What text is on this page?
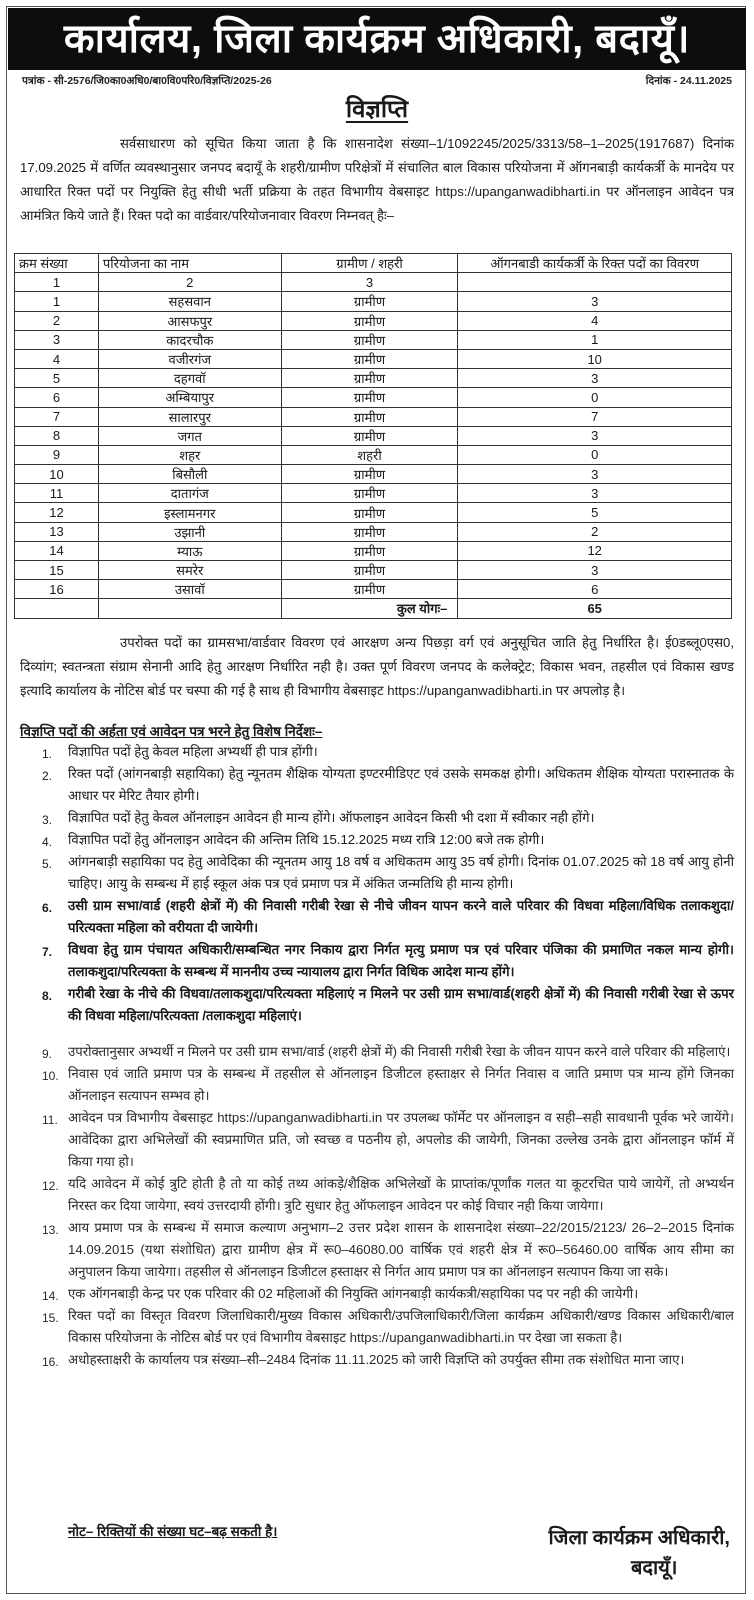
कार्यालय, जिला कार्यक्रम अधिकारी, बदायूँ।
पत्रांक - सी-2576/जि0का0अधि0/बा0वि0परि0/विज्ञप्ति/2025-26	दिनांक - 24.11.2025
विज्ञप्ति
सर्वसाधारण को सूचित किया जाता है कि शासनादेश संख्या–1/1092245/2025/3313/58–1–2025(1917687) दिनांक 17.09.2025 में वर्णित व्यवस्थानुसार जनपद बदायूँ के शहरी/ग्रामीण परिक्षेत्रों में संचालित बाल विकास परियोजना में ऑगनबाड़ी कार्यकर्त्री के मानदेय पर आधारित रिक्त पदों पर नियुक्ति हेतु सीधी भर्ती प्रक्रिया के तहत विभागीय वेबसाइट https://upanganwadibharti.in पर ऑनलाइन आवेदन पत्र आमंत्रित किये जाते हैं। रिक्त पदो का वार्डवार/परियोजनावार विवरण निम्नवत् हैः–
क्रम संख्या	परियोजना का नाम	ग्रामीण / शहरी	ऑगनबाडी कार्यकर्त्री के रिक्त पदों का विवरण
1	2	3	
1	सहसवान	ग्रामीण	3
2	आसफपुर	ग्रामीण	4
3	कादरचौक	ग्रामीण	1
4	वजीरगंज	ग्रामीण	10
5	दहगवॉ	ग्रामीण	3
6	अम्बियापुर	ग्रामीण	0
7	सालारपुर	ग्रामीण	7
8	जगत	ग्रामीण	3
9	शहर	शहरी	0
10	बिसौली	ग्रामीण	3
11	दातागंज	ग्रामीण	3
12	इस्लामनगर	ग्रामीण	5
13	उझानी	ग्रामीण	2
14	म्याऊ	ग्रामीण	12
15	समरेर	ग्रामीण	3
16	उसावॉ	ग्रामीण	6
		कुल योगः–	65
उपरोक्त पदों का ग्रामसभा/वार्डवार विवरण एवं आरक्षण अन्य पिछड़ा वर्ग एवं अनुसूचित जाति हेतु निर्धारित है। ई0डब्लू0एस0, दिव्यांग; स्वतन्त्रता संग्राम सेनानी आदि हेतु आरक्षण निर्धारित नही है। उक्त पूर्ण विवरण जनपद के कलेक्ट्रेट; विकास भवन, तहसील एवं विकास खण्ड इत्यादि कार्यालय के नोटिस बोर्ड पर चस्पा की गई है साथ ही विभागीय वेबसाइट https://upanganwadibharti.in पर अपलोड़ है।
विज्ञप्ति पदों की अर्हता एवं आवेदन पत्र भरने हेतु विशेष निर्देशः–
1. विज्ञापित पदों हेतु केवल महिला अभ्यर्थी ही पात्र होंगी।
2. रिक्त पदों (आंगनबाड़ी सहायिका) हेतु न्यूनतम शैक्षिक योग्यता इण्टरमीडिएट एवं उसके समकक्ष होगी। अधिकतम शैक्षिक योग्यता परास्नातक के आधार पर मेरिट तैयार होगी।
3. विज्ञापित पदों हेतु केवल ऑनलाइन आवेदन ही मान्य होंगे। ऑफलाइन आवेदन किसी भी दशा में स्वीकार नही होंगे।
4. विज्ञापित पदों हेतु ऑनलाइन आवेदन की अन्तिम तिथि 15.12.2025 मध्य रात्रि 12:00 बजे तक होगी।
5. आंगनबाड़ी सहायिका पद हेतु आवेदिका की न्यूनतम आयु 18 वर्ष व अधिकतम आयु 35 वर्ष होगी। दिनांक 01.07.2025 को 18 वर्ष आयु होनी चाहिए। आयु के सम्बन्ध में हाई स्कूल अंक पत्र एवं प्रमाण पत्र में अंकित जन्मतिथि ही मान्य होगी।
6. उसी ग्राम सभा/वार्ड (शहरी क्षेत्रों में) की निवासी गरीबी रेखा से नीचे जीवन यापन करने वाले परिवार की विधवा महिला/विधिक तलाकशुदा/परित्यक्ता महिला को वरीयता दी जायेगी।
7. विधवा हेतु ग्राम पंचायत अधिकारी/सम्बन्धित नगर निकाय द्वारा निर्गत मृत्यु प्रमाण पत्र एवं परिवार पंजिका की प्रमाणित नकल मान्य होगी। तलाकशुदा/परित्यक्ता के सम्बन्ध में माननीय उच्च न्यायालय द्वारा निर्गत विधिक आदेश मान्य होंगे।
8. गरीबी रेखा के नीचे की विधवा/तलाकशुदा/परित्यक्ता महिलाएं न मिलने पर उसी ग्राम सभा/वार्ड(शहरी क्षेत्रों में) की निवासी गरीबी रेखा से ऊपर की विधवा महिला/परित्यक्ता /तलाकशुदा महिलाएं।
9. उपरोक्तानुसार अभ्यर्थी न मिलने पर उसी ग्राम सभा/वार्ड (शहरी क्षेत्रों में) की निवासी गरीबी रेखा के जीवन यापन करने वाले परिवार की महिलाएं।
10. निवास एवं जाति प्रमाण पत्र के सम्बन्ध में तहसील से ऑनलाइन डिजीटल हस्ताक्षर से निर्गत निवास व जाति प्रमाण पत्र मान्य होंगे जिनका ऑनलाइन सत्यापन सम्भव हो।
11. आवेदन पत्र विभागीय वेबसाइट https://upanganwadibharti.in पर उपलब्ध फॉर्मेट पर ऑनलाइन व सही–सही सावधानी पूर्वक भरे जायेंगे। आवेदिका द्वारा अभिलेखों की स्वप्रमाणित प्रति, जो स्वच्छ व पठनीय हो, अपलोड की जायेगी, जिनका उल्लेख उनके द्वारा ऑनलाइन फॉर्म में किया गया हो।
12. यदि आवेदन में कोई त्रुटि होती है तो या कोई तथ्य आंकड़े/शैक्षिक अभिलेखों के प्राप्तांक/पूर्णांक गलत या कूटरचित पाये जायेगें, तो अभ्यर्थन निरस्त कर दिया जायेगा, स्वयं उत्तरदायी होंगी। त्रुटि सुधार हेतु ऑफलाइन आवेदन पर कोई विचार नही किया जायेगा।
13. आय प्रमाण पत्र के सम्बन्ध में समाज कल्याण अनुभाग–2 उत्तर प्रदेश शासन के शासनादेश संख्या–22/2015/2123/ 26–2–2015 दिनांक 14.09.2015 (यथा संशोधित) द्वारा ग्रामीण क्षेत्र में रू0–46080.00 वार्षिक एवं शहरी क्षेत्र में रू0–56460.00 वार्षिक आय सीमा का अनुपालन किया जायेगा। तहसील से ऑनलाइन डिजीटल हस्ताक्षर से निर्गत आय प्रमाण पत्र का ऑनलाइन सत्यापन किया जा सके।
14. एक ऑगनबाड़ी केन्द्र पर एक परिवार की 02 महिलाओं की नियुक्ति आंगनबाड़ी कार्यकत्री/सहायिका पद पर नही की जायेगी।
15. रिक्त पदों का विस्तृत विवरण जिलाधिकारी/मुख्य विकास अधिकारी/उपजिलाधिकारी/जिला कार्यक्रम अधिकारी/खण्ड विकास अधिकारी/बाल विकास परियोजना के नोटिस बोर्ड पर एवं विभागीय वेबसाइट https://upanganwadibharti.in पर देखा जा सकता है।
16. अधोहस्ताक्षरी के कार्यालय पत्र संख्या–सी–2484 दिनांक 11.11.2025 को जारी विज्ञप्ति को उपर्युक्त सीमा तक संशोधित माना जाए।
नोट– रिक्तियों की संख्या घट–बढ़ सकती है।	जिला कार्यक्रम अधिकारी,
बदायूँ।
